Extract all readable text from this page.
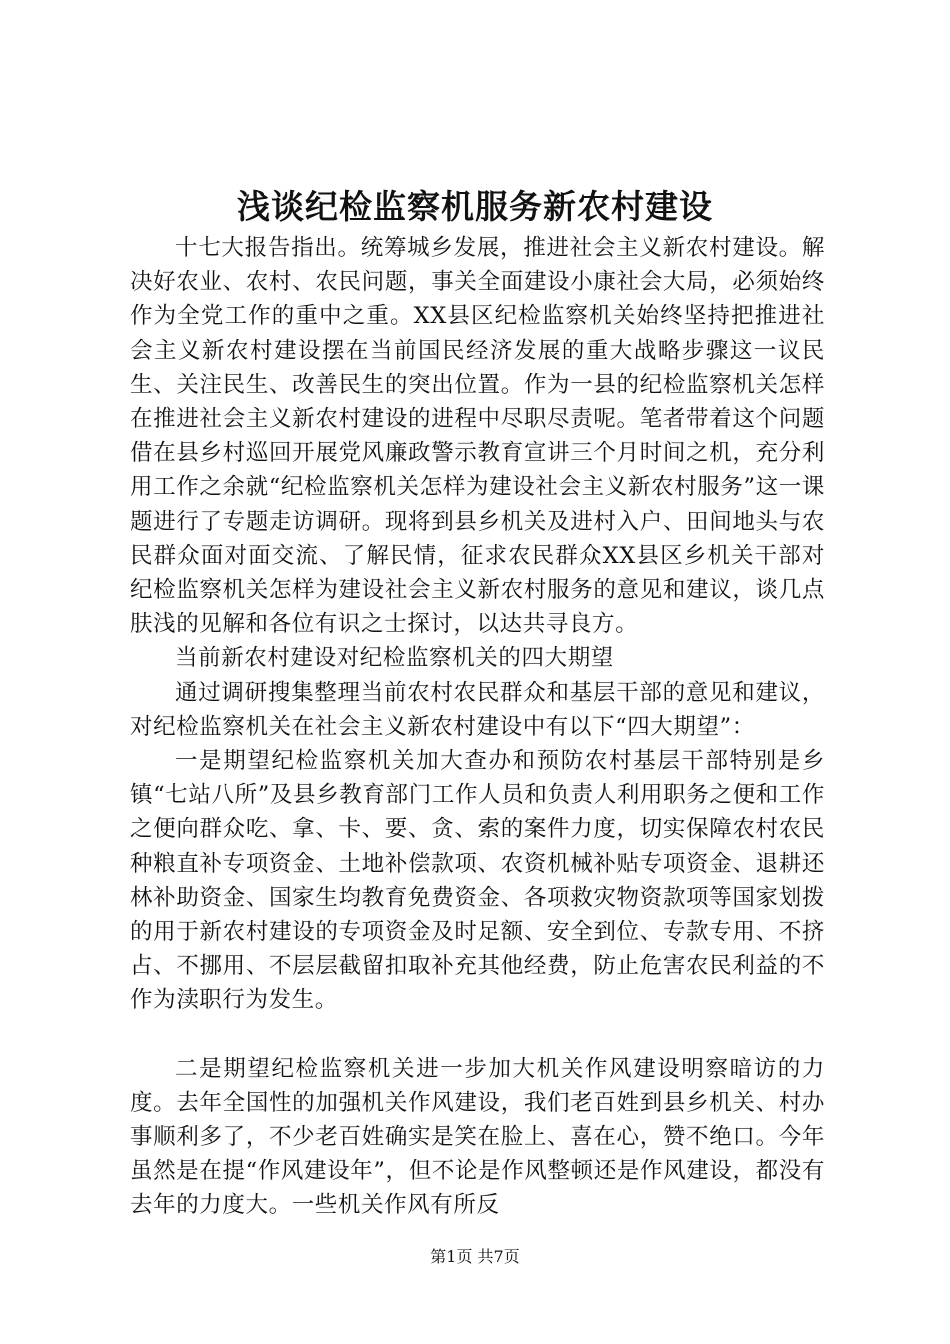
浅谈纪检监察机服务新农村建设

十七大报告指出。统筹城乡发展，推进社会主义新农村建设。解决好农业、农村、农民问题，事关全面建设小康社会大局，必须始终作为全党工作的重中之重。XX县区纪检监察机关始终坚持把推进社会主义新农村建设摆在当前国民经济发展的重大战略步骤这一议民生、关注民生、改善民生的突出位置。作为一县的纪检监察机关怎样在推进社会主义新农村建设的进程中尽职尽责呢。笔者带着这个问题借在县乡村巡回开展党风廉政警示教育宣讲三个月时间之机，充分利用工作之余就“纪检监察机关怎样为建设社会主义新农村服务”这一课题进行了专题走访调研。现将到县乡机关及进村入户、田间地头与农民群众面对面交流、了解民情，征求农民群众XX县区乡机关干部对纪检监察机关怎样为建设社会主义新农村服务的意见和建议，谈几点肤浅的见解和各位有识之士探讨，以达共寻良方。

当前新农村建设对纪检监察机关的四大期望

通过调研搜集整理当前农村农民群众和基层干部的意见和建议，对纪检监察机关在社会主义新农村建设中有以下“四大期望”：

一是期望纪检监察机关加大查办和预防农村基层干部特别是乡镇“七站八所”及县乡教育部门工作人员和负责人利用职务之便和工作之便向群众吃、拿、卡、要、贪、索的案件力度，切实保障农村农民种粮直补专项资金、土地补偿款项、农资机械补贴专项资金、退耕还林补助资金、国家生均教育免费资金、各项救灾物资款项等国家划拨的用于新农村建设的专项资金及时足额、安全到位、专款专用、不挤占、不挪用、不层层截留扣取补充其他经费，防止危害农民利益的不作为渎职行为发生。

二是期望纪检监察机关进一步加大机关作风建设明察暗访的力度。去年全国性的加强机关作风建设，我们老百姓到县乡机关、村办事顺利多了，不少老百姓确实是笑在脸上、喜在心，赞不绝口。今年虽然是在提“作风建设年”，但不论是作风整顿还是作风建设，都没有去年的力度大。一些机关作风有所反

第1页 共7页
